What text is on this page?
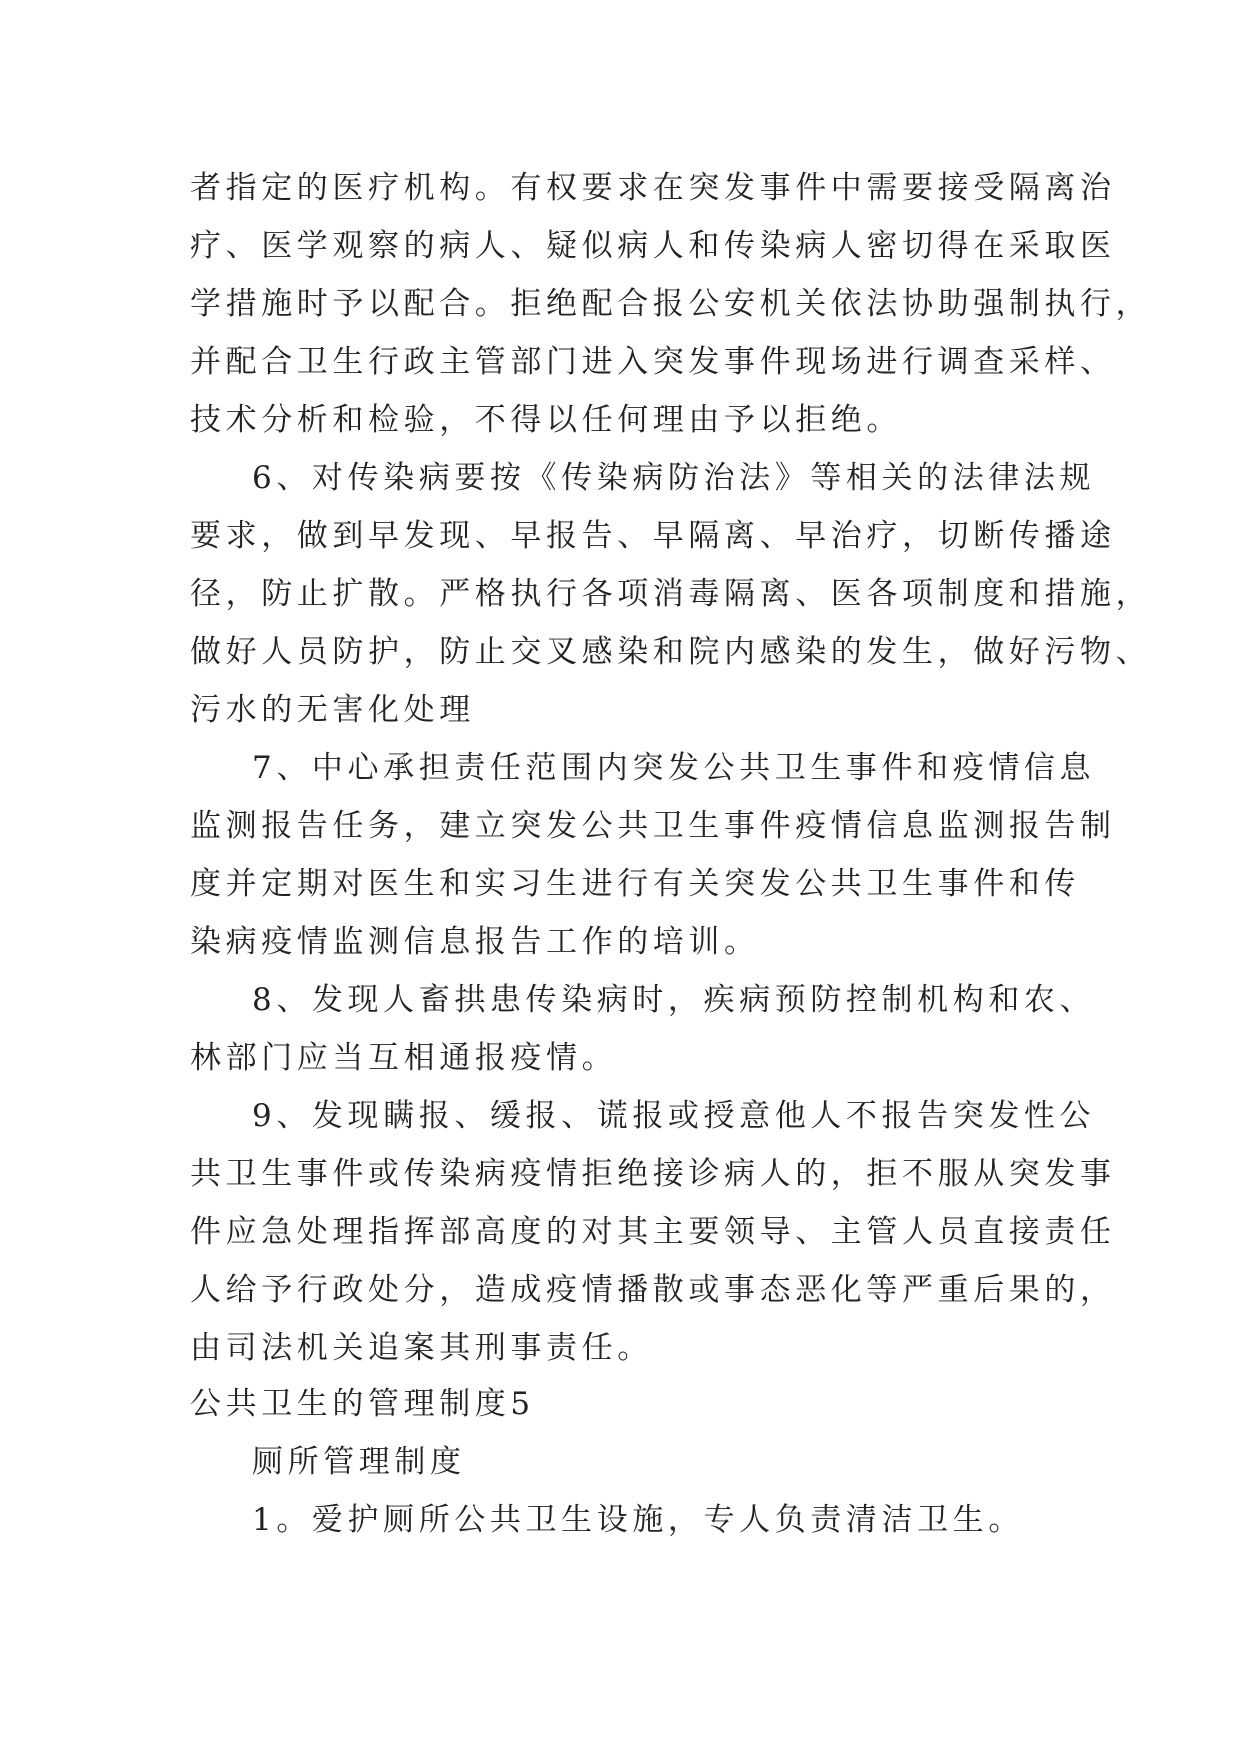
者指定的医疗机构。有权要求在突发事件中需要接受隔离治

疗、医学观察的病人、疑似病人和传染病人密切得在采取医

学措施时予以配合。拒绝配合报公安机关依法协助强制执行，

并配合卫生行政主管部门进入突发事件现场进行调查采样、

技术分析和检验，不得以任何理由予以拒绝。

6、对传染病要按《传染病防治法》等相关的法律法规

要求，做到早发现、早报告、早隔离、早治疗，切断传播途

径，防止扩散。严格执行各项消毒隔离、医各项制度和措施，

做好人员防护，防止交叉感染和院内感染的发生，做好污物、

污水的无害化处理

7、中心承担责任范围内突发公共卫生事件和疫情信息

监测报告任务，建立突发公共卫生事件疫情信息监测报告制

度并定期对医生和实习生进行有关突发公共卫生事件和传

染病疫情监测信息报告工作的培训。

8、发现人畜拱患传染病时，疾病预防控制机构和农、

林部门应当互相通报疫情。

9、发现瞒报、缓报、谎报或授意他人不报告突发性公

共卫生事件或传染病疫情拒绝接诊病人的，拒不服从突发事

件应急处理指挥部高度的对其主要领导、主管人员直接责任

人给予行政处分，造成疫情播散或事态恶化等严重后果的，

由司法机关追案其刑事责任。

公共卫生的管理制度5

厕所管理制度

1。爱护厕所公共卫生设施，专人负责清洁卫生。
